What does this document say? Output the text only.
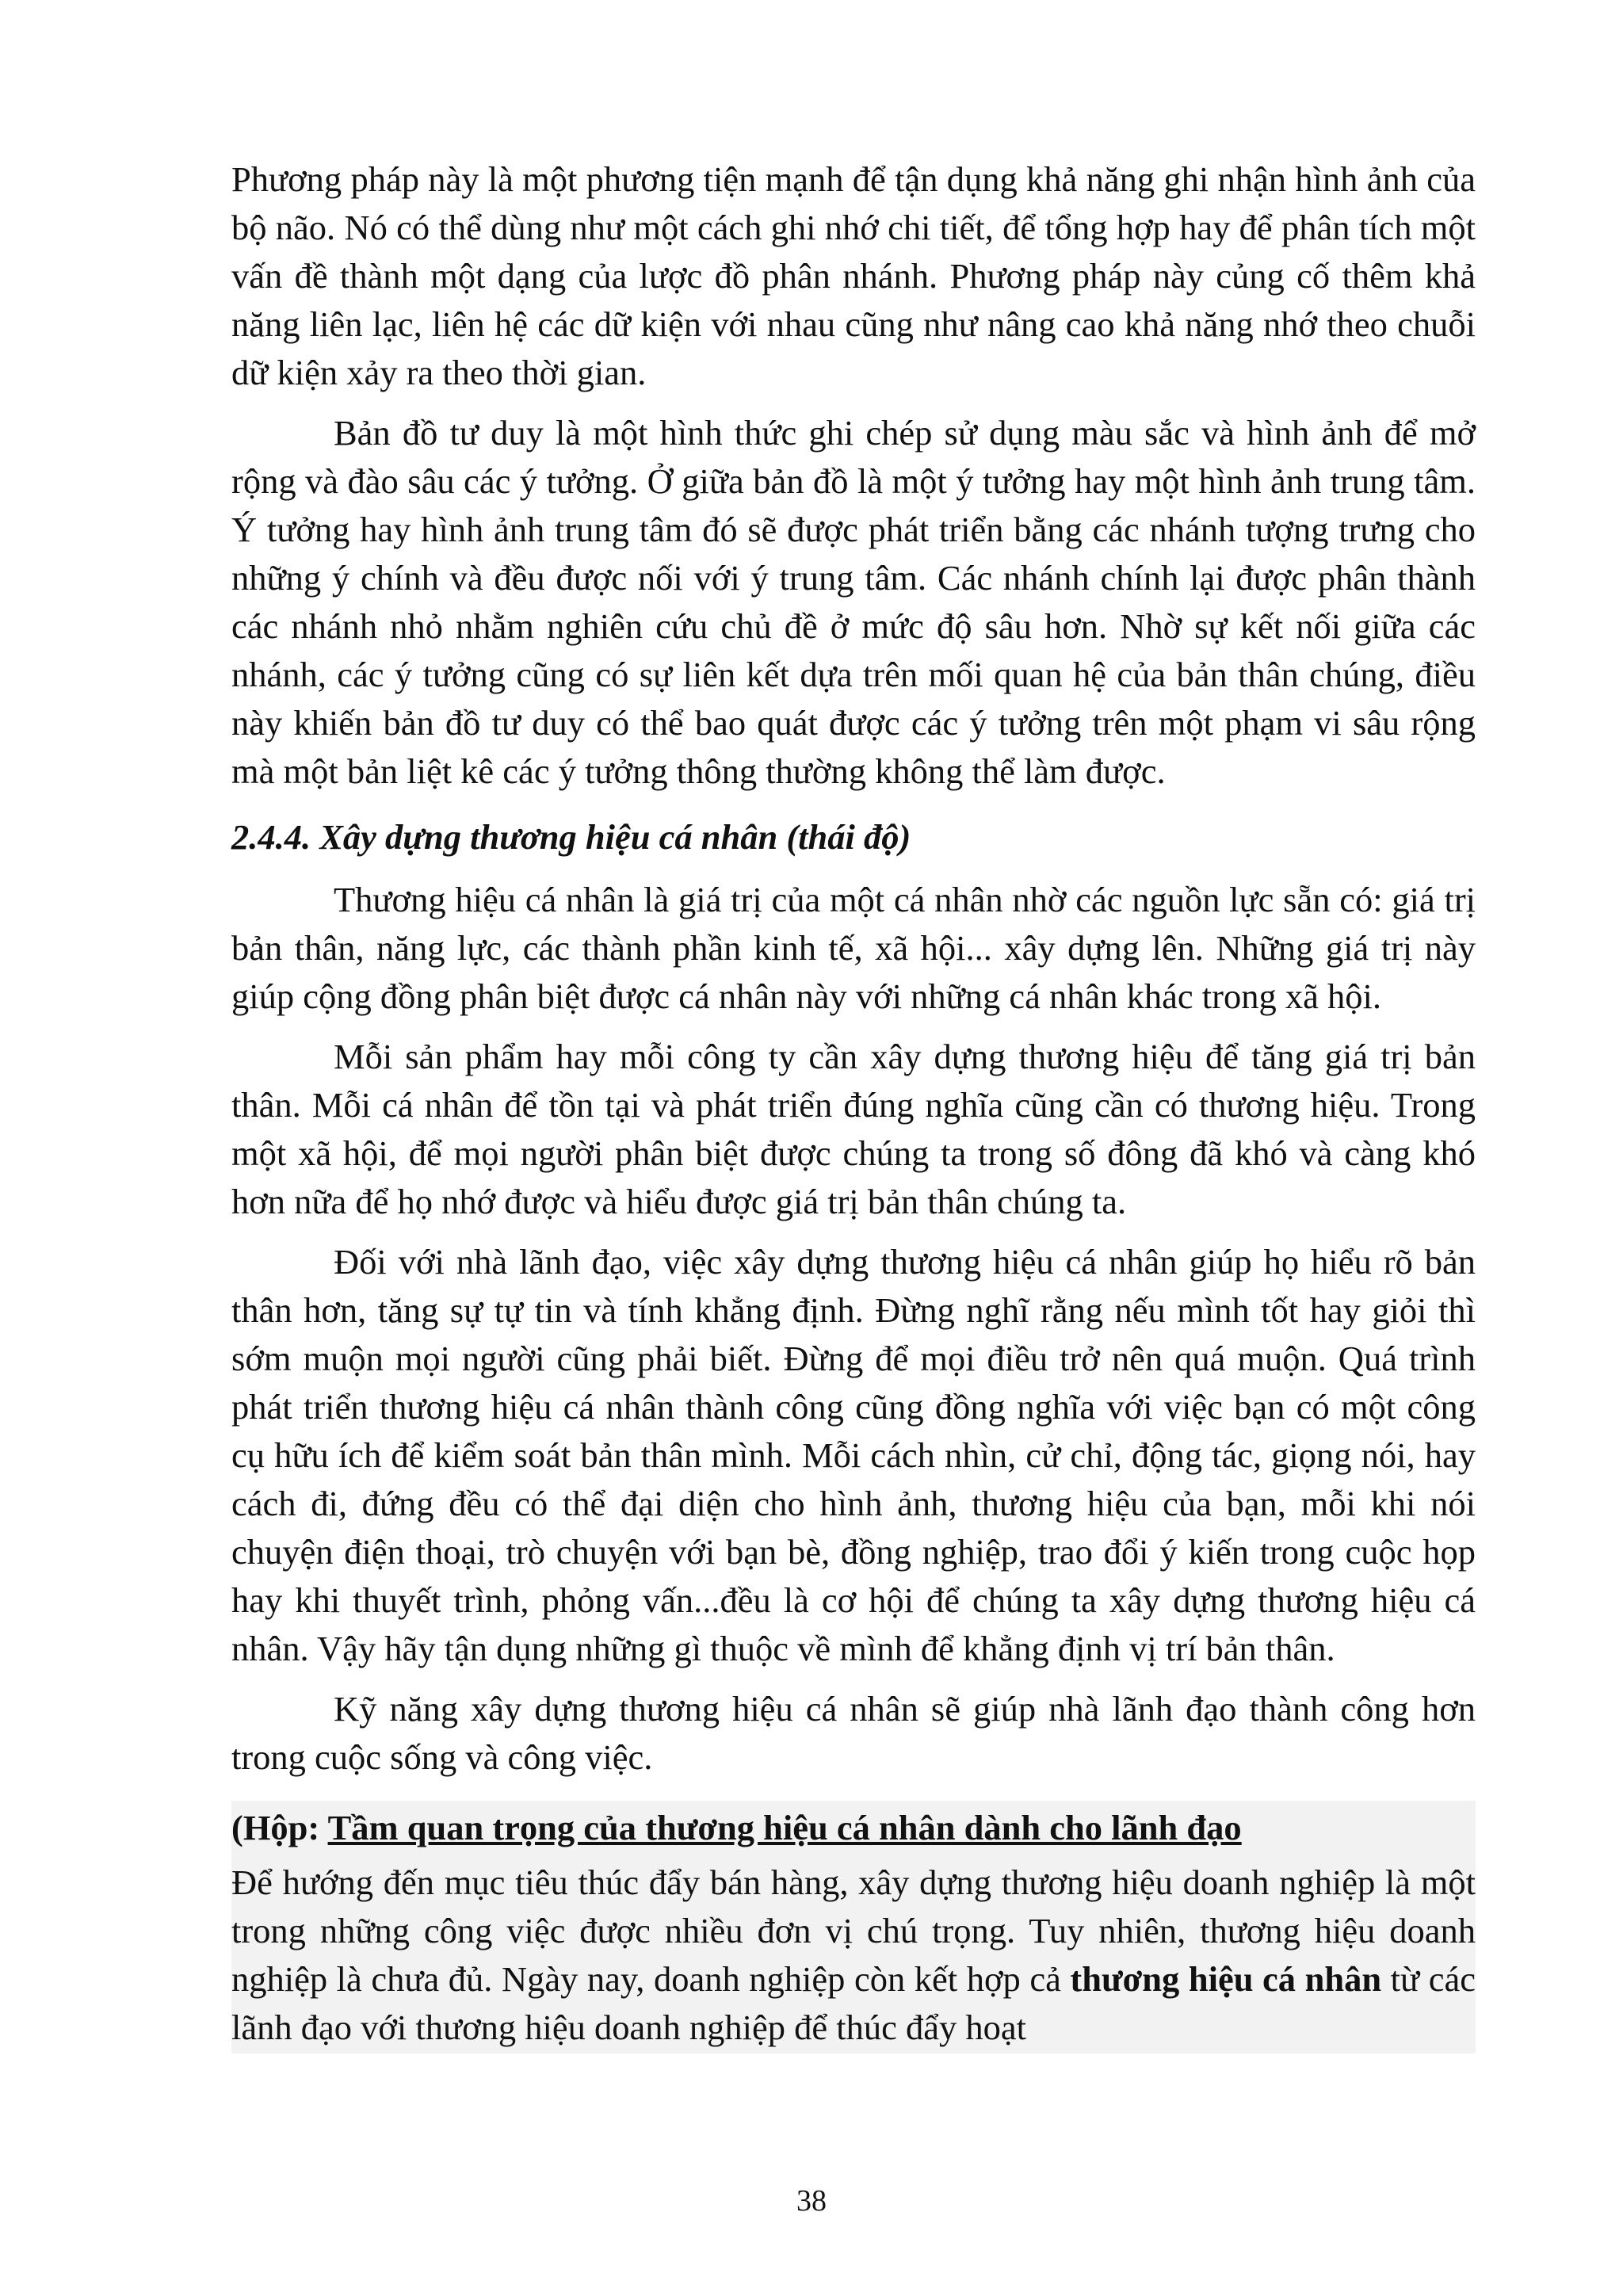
Phương pháp này là một phương tiện mạnh để tận dụng khả năng ghi nhận hình ảnh của bộ não. Nó có thể dùng như một cách ghi nhớ chi tiết, để tổng hợp hay để phân tích một vấn đề thành một dạng của lược đồ phân nhánh. Phương pháp này củng cố thêm khả năng liên lạc, liên hệ các dữ kiện với nhau cũng như nâng cao khả năng nhớ theo chuỗi dữ kiện xảy ra theo thời gian.

Bản đồ tư duy là một hình thức ghi chép sử dụng màu sắc và hình ảnh để mở rộng và đào sâu các ý tưởng. Ở giữa bản đồ là một ý tưởng hay một hình ảnh trung tâm. Ý tưởng hay hình ảnh trung tâm đó sẽ được phát triển bằng các nhánh tượng trưng cho những ý chính và đều được nối với ý trung tâm. Các nhánh chính lại được phân thành các nhánh nhỏ nhằm nghiên cứu chủ đề ở mức độ sâu hơn. Nhờ sự kết nối giữa các nhánh, các ý tưởng cũng có sự liên kết dựa trên mối quan hệ của bản thân chúng, điều này khiến bản đồ tư duy có thể bao quát được các ý tưởng trên một phạm vi sâu rộng mà một bản liệt kê các ý tưởng thông thường không thể làm được.

2.4.4. Xây dựng thương hiệu cá nhân (thái độ)

Thương hiệu cá nhân là giá trị của một cá nhân nhờ các nguồn lực sẵn có: giá trị bản thân, năng lực, các thành phần kinh tế, xã hội... xây dựng lên. Những giá trị này giúp cộng đồng phân biệt được cá nhân này với những cá nhân khác trong xã hội.

Mỗi sản phẩm hay mỗi công ty cần xây dựng thương hiệu để tăng giá trị bản thân. Mỗi cá nhân để tồn tại và phát triển đúng nghĩa cũng cần có thương hiệu. Trong một xã hội, để mọi người phân biệt được chúng ta trong số đông đã khó và càng khó hơn nữa để họ nhớ được và hiểu được giá trị bản thân chúng ta.

Đối với nhà lãnh đạo, việc xây dựng thương hiệu cá nhân giúp họ hiểu rõ bản thân hơn, tăng sự tự tin và tính khẳng định. Đừng nghĩ rằng nếu mình tốt hay giỏi thì sớm muộn mọi người cũng phải biết. Đừng để mọi điều trở nên quá muộn. Quá trình phát triển thương hiệu cá nhân thành công cũng đồng nghĩa với việc bạn có một công cụ hữu ích để kiểm soát bản thân mình. Mỗi cách nhìn, cử chỉ, động tác, giọng nói, hay cách đi, đứng đều có thể đại diện cho hình ảnh, thương hiệu của bạn, mỗi khi nói chuyện điện thoại, trò chuyện với bạn bè, đồng nghiệp, trao đổi ý kiến trong cuộc họp hay khi thuyết trình, phỏng vấn...đều là cơ hội để chúng ta xây dựng thương hiệu cá nhân. Vậy hãy tận dụng những gì thuộc về mình để khẳng định vị trí bản thân.

Kỹ năng xây dựng thương hiệu cá nhân sẽ giúp nhà lãnh đạo thành công hơn trong cuộc sống và công việc.

(Hộp: Tầm quan trọng của thương hiệu cá nhân dành cho lãnh đạo

Để hướng đến mục tiêu thúc đẩy bán hàng, xây dựng thương hiệu doanh nghiệp là một trong những công việc được nhiều đơn vị chú trọng. Tuy nhiên, thương hiệu doanh nghiệp là chưa đủ. Ngày nay, doanh nghiệp còn kết hợp cả thương hiệu cá nhân từ các lãnh đạo với thương hiệu doanh nghiệp để thúc đẩy hoạt

38
